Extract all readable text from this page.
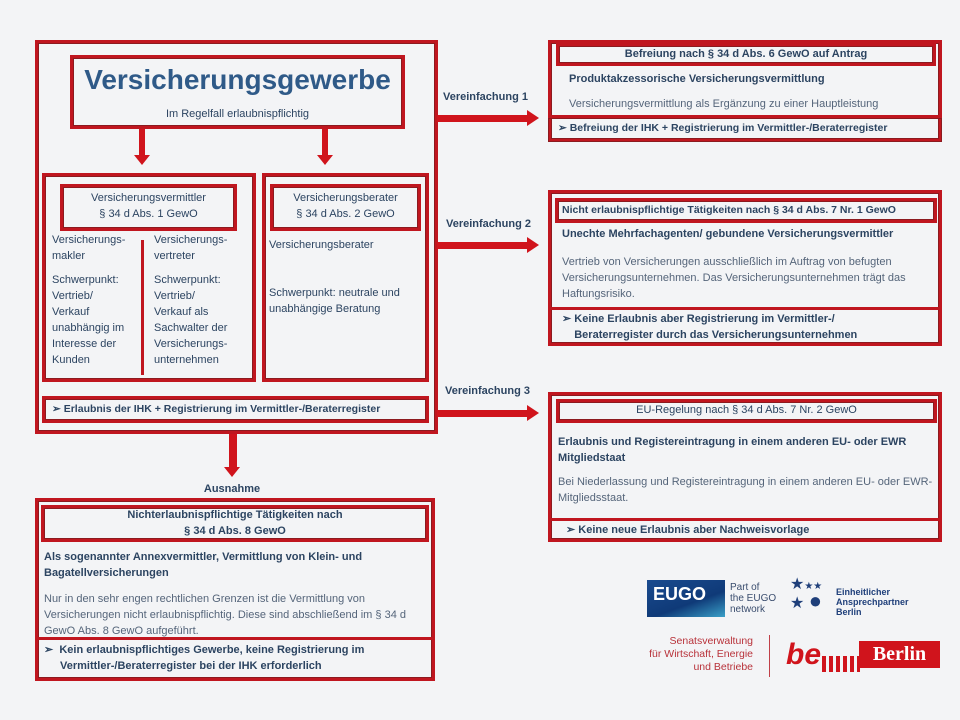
Versicherungsgewerbe
Im Regelfall erlaubnispflichtig
Versicherungsvermittler
§ 34 d Abs. 1 GewO
Versicherungs-
makler
Schwerpunkt:
Vertrieb/
Verkauf
unabhängig im
Interesse der
Kunden
Versicherungs-
vertreter
Schwerpunkt:
Vertrieb/
Verkauf als
Sachwalter der
Versicherungs-
unternehmen
Versicherungsberater
§ 34 d Abs. 2 GewO
Versicherungsberater
Schwerpunkt: neutrale und unabhängige Beratung
➢ Erlaubnis der IHK + Registrierung im Vermittler-/Beraterregister
Vereinfachung 1
Vereinfachung 2
Vereinfachung 3
Ausnahme
Befreiung nach § 34 d Abs. 6 GewO auf Antrag
Produktakzessorische Versicherungsvermittlung
Versicherungsvermittlung als Ergänzung zu einer Hauptleistung
➢ Befreiung der IHK + Registrierung im Vermittler-/Beraterregister
Nicht erlaubnispflichtige Tätigkeiten nach § 34 d Abs. 7 Nr. 1 GewO
Unechte Mehrfachagenten/ gebundene Versicherungsvermittler
Vertrieb von Versicherungen ausschließlich im Auftrag von befugten Versicherungsunternehmen. Das Versicherungsunternehmen trägt das Haftungsrisiko.
➢ Keine Erlaubnis aber Registrierung im Vermittler-/
Beraterregister durch das Versicherungsunternehmen
EU-Regelung nach § 34 d Abs. 7 Nr. 2 GewO
Erlaubnis und Registereintragung in einem anderen EU- oder EWR Mitgliedstaat
Bei Niederlassung und Registereintragung in einem anderen EU- oder EWR-Mitgliedsstaat.
➢ Keine neue Erlaubnis aber Nachweisvorlage
Nichterlaubnispflichtige Tätigkeiten nach
§ 34 d Abs. 8 GewO
Als sogenannter Annexvermittler, Vermittlung von Klein- und Bagatellversicherungen
Nur in den sehr engen rechtlichen Grenzen ist die Vermittlung von Versicherungen nicht erlaubnispflichtig. Diese sind abschließend im § 34 d GewO Abs. 8 GewO aufgeführt.
➢  Kein erlaubnispflichtiges Gewerbe, keine Registrierung im Vermittler-/Beraterregister bei der IHK erforderlich
EUGO Part of
the EUGO
network
★★★
★ ● Einheitlicher
Ansprechpartner
Berlin
Senatsverwaltung
für Wirtschaft, Energie
und Betriebe be	Berlin
